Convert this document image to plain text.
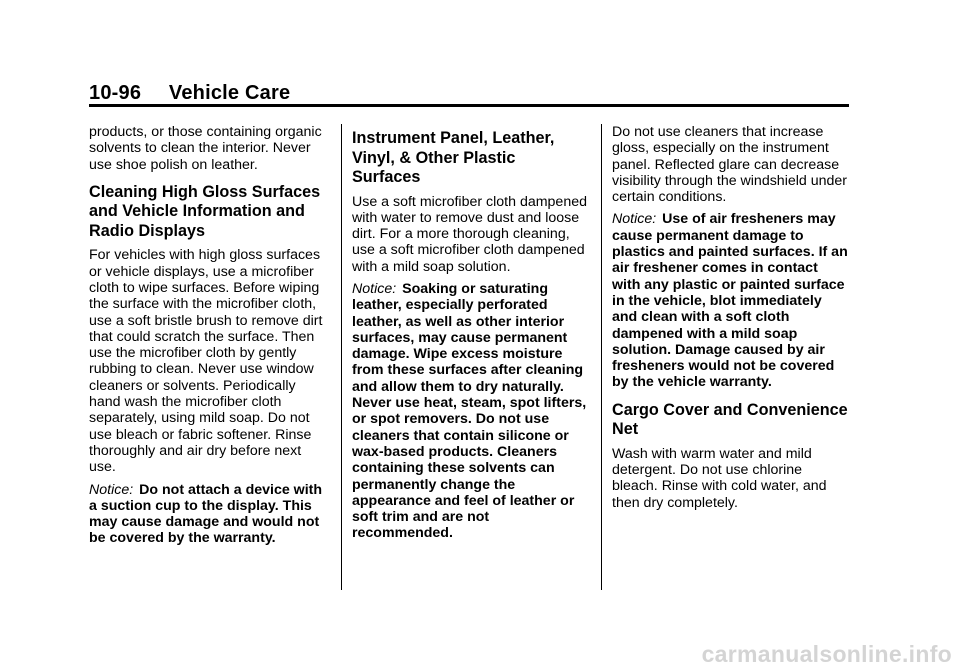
10-96 Vehicle Care

products, or those containing organic solvents to clean the interior. Never use shoe polish on leather.

Cleaning High Gloss Surfaces and Vehicle Information and Radio Displays

For vehicles with high gloss surfaces or vehicle displays, use a microfiber cloth to wipe surfaces. Before wiping the surface with the microfiber cloth, use a soft bristle brush to remove dirt that could scratch the surface. Then use the microfiber cloth by gently rubbing to clean. Never use window cleaners or solvents. Periodically hand wash the microfiber cloth separately, using mild soap. Do not use bleach or fabric softener. Rinse thoroughly and air dry before next use.

Notice: Do not attach a device with a suction cup to the display. This may cause damage and would not be covered by the warranty.

Instrument Panel, Leather, Vinyl, & Other Plastic Surfaces

Use a soft microfiber cloth dampened with water to remove dust and loose dirt. For a more thorough cleaning, use a soft microfiber cloth dampened with a mild soap solution.

Notice: Soaking or saturating leather, especially perforated leather, as well as other interior surfaces, may cause permanent damage. Wipe excess moisture from these surfaces after cleaning and allow them to dry naturally. Never use heat, steam, spot lifters, or spot removers. Do not use cleaners that contain silicone or wax-based products. Cleaners containing these solvents can permanently change the appearance and feel of leather or soft trim and are not recommended.

Do not use cleaners that increase gloss, especially on the instrument panel. Reflected glare can decrease visibility through the windshield under certain conditions.

Notice: Use of air fresheners may cause permanent damage to plastics and painted surfaces. If an air freshener comes in contact with any plastic or painted surface in the vehicle, blot immediately and clean with a soft cloth dampened with a mild soap solution. Damage caused by air fresheners would not be covered by the vehicle warranty.

Cargo Cover and Convenience Net

Wash with warm water and mild detergent. Do not use chlorine bleach. Rinse with cold water, and then dry completely.

carmanualsonline.info
